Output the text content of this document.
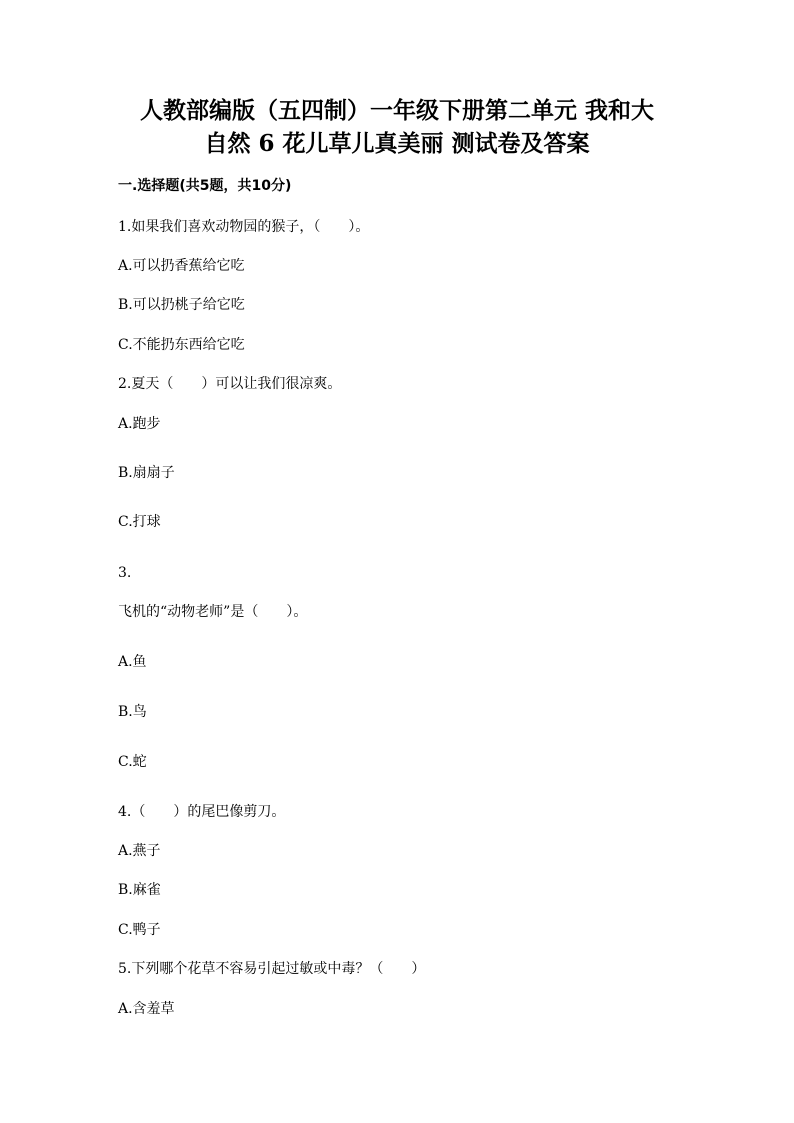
人教部编版（五四制）一年级下册第二单元 我和大
自然 6 花儿草儿真美丽 测试卷及答案
一.选择题(共5题，共10分)
1.如果我们喜欢动物园的猴子，（　　）。
A.可以扔香蕉给它吃
B.可以扔桃子给它吃
C.不能扔东西给它吃
2.夏天（　　）可以让我们很凉爽。
A.跑步
B.扇扇子
C.打球
3.
飞机的“动物老师”是（　　）。
A.鱼
B.鸟
C.蛇
4.（　　）的尾巴像剪刀。
A.燕子
B.麻雀
C.鸭子
5.下列哪个花草不容易引起过敏或中毒？（　　）
A.含羞草
